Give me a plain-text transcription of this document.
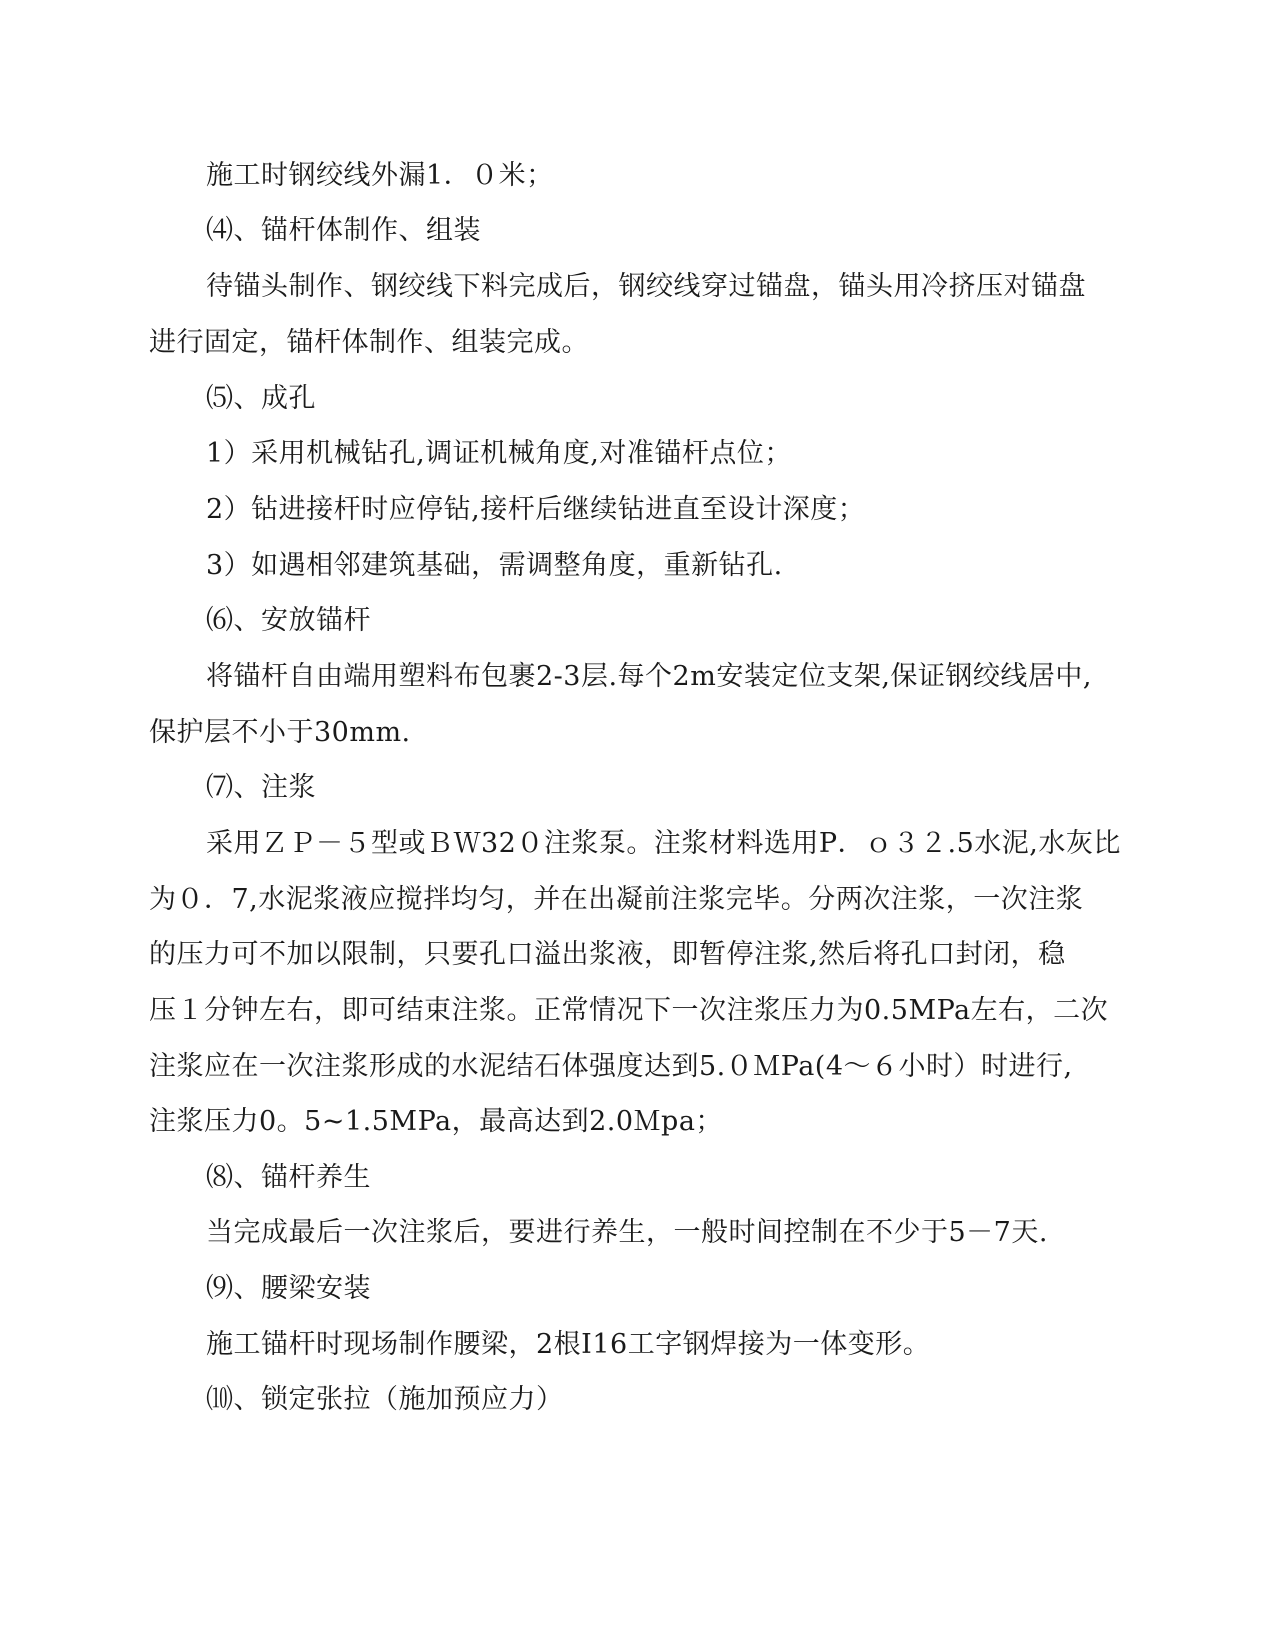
施工时钢绞线外漏1．０米；
⑷、锚杆体制作、组装
待锚头制作、钢绞线下料完成后，钢绞线穿过锚盘，锚头用冷挤压对锚盘
进行固定，锚杆体制作、组装完成。
⑸、成孔
1）采用机械钻孔,调证机械角度,对准锚杆点位；
2）钻进接杆时应停钻,接杆后继续钻进直至设计深度；
3）如遇相邻建筑基础，需调整角度，重新钻孔.
⑹、安放锚杆
将锚杆自由端用塑料布包裹2-3层.每个2m安装定位支架,保证钢绞线居中,
保护层不小于30mm.
⑺、注浆
采用ＺＰ－５型或ＢＷ32０注浆泵。注浆材料选用P．ｏ３２.5水泥,水灰比
为０．7,水泥浆液应搅拌均匀，并在出凝前注浆完毕。分两次注浆，一次注浆
的压力可不加以限制，只要孔口溢出浆液，即暂停注浆,然后将孔口封闭，稳
压１分钟左右，即可结束注浆。正常情况下一次注浆压力为0.5MPa左右，二次
注浆应在一次注浆形成的水泥结石体强度达到5.０ＭPa(4～６小时）时进行,
注浆压力0。5~1.5MPa，最高达到2.0Ｍpa；
⑻、锚杆养生
当完成最后一次注浆后，要进行养生，一般时间控制在不少于5－7天.
⑼、腰梁安装
施工锚杆时现场制作腰梁，2根I16工字钢焊接为一体变形。
⑽、锁定张拉（施加预应力）
